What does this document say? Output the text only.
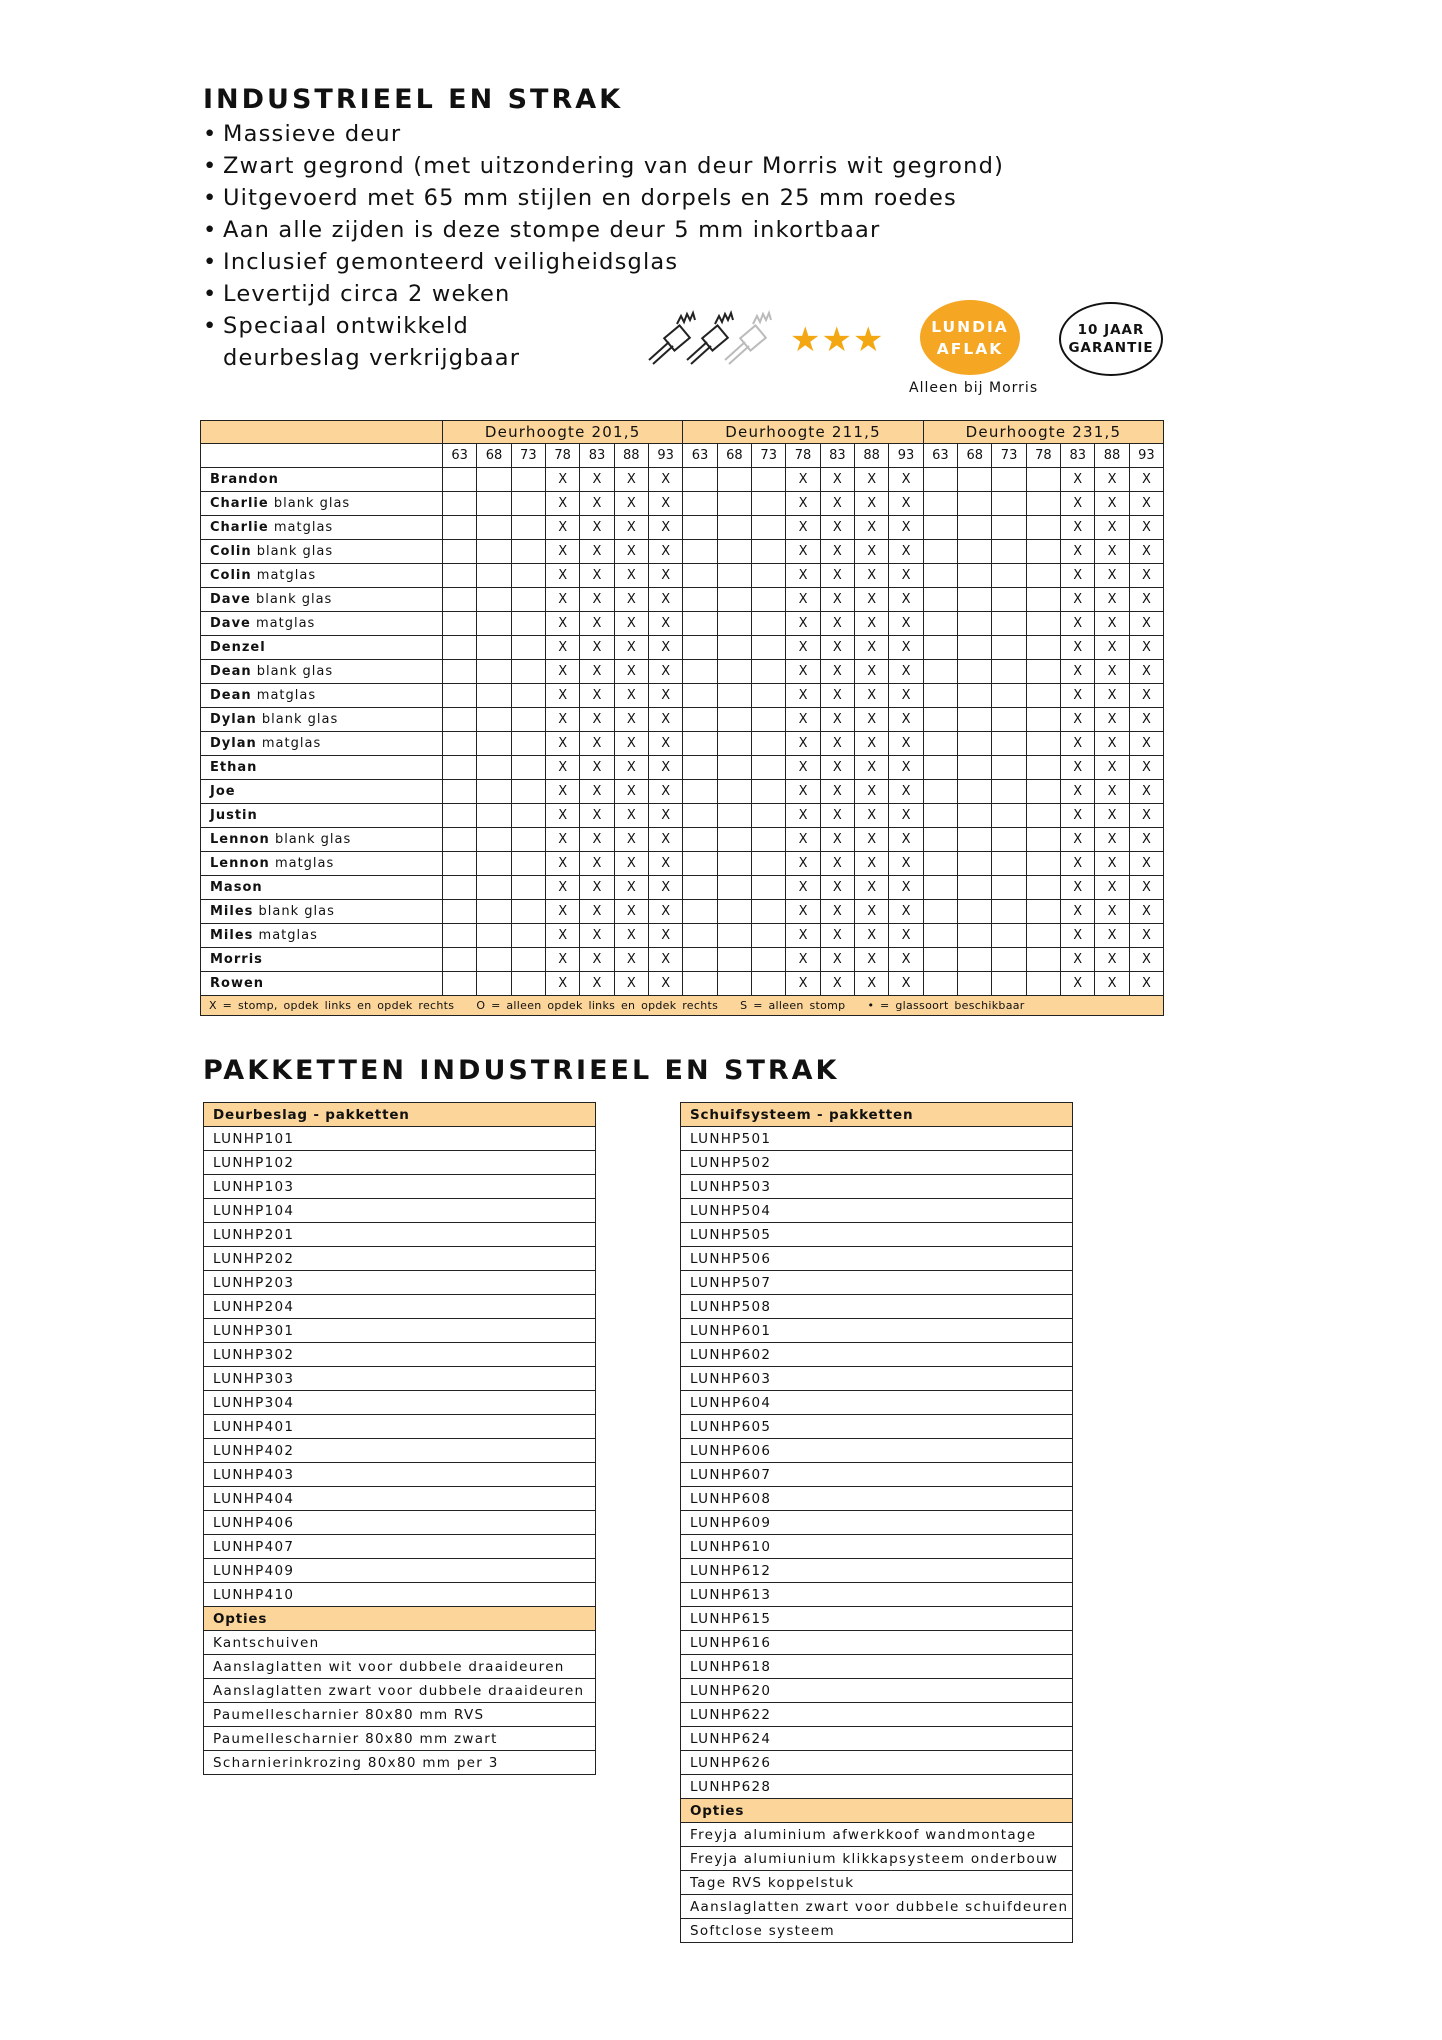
INDUSTRIEEL EN STRAK
• Massieve deur
• Zwart gegrond (met uitzondering van deur Morris wit gegrond)
• Uitgevoerd met 65 mm stijlen en dorpels en 25 mm roedes
• Aan alle zijden is deze stompe deur 5 mm inkortbaar
• Inclusief gemonteerd veiligheidsglas
• Levertijd circa 2 weken
• Speciaal ontwikkeld
deurbeslag verkrijgbaar	★★★	LUNDIA
AFLAK
Alleen bij Morris
10 JAAR
GARANTIE
	Deurhoogte 201,5							Deurhoogte 211,5							Deurhoogte 231,5						
	63	68	73	78	83	88	93	63	68	73	78	83	88	93	63	68	73	78	83	88	93
Brandon				X	X	X	X				X	X	X	X					X	X	X
Charlie blank glas				X	X	X	X				X	X	X	X					X	X	X
Charlie matglas				X	X	X	X				X	X	X	X					X	X	X
Colin blank glas				X	X	X	X				X	X	X	X					X	X	X
Colin matglas				X	X	X	X				X	X	X	X					X	X	X
Dave blank glas				X	X	X	X				X	X	X	X					X	X	X
Dave matglas				X	X	X	X				X	X	X	X					X	X	X
Denzel				X	X	X	X				X	X	X	X					X	X	X
Dean blank glas				X	X	X	X				X	X	X	X					X	X	X
Dean matglas				X	X	X	X				X	X	X	X					X	X	X
Dylan blank glas				X	X	X	X				X	X	X	X					X	X	X
Dylan matglas				X	X	X	X				X	X	X	X					X	X	X
Ethan				X	X	X	X				X	X	X	X					X	X	X
Joe				X	X	X	X				X	X	X	X					X	X	X
Justin				X	X	X	X				X	X	X	X					X	X	X
Lennon blank glas				X	X	X	X				X	X	X	X					X	X	X
Lennon matglas				X	X	X	X				X	X	X	X					X	X	X
Mason				X	X	X	X				X	X	X	X					X	X	X
Miles blank glas				X	X	X	X				X	X	X	X					X	X	X
Miles matglas				X	X	X	X				X	X	X	X					X	X	X
Morris				X	X	X	X				X	X	X	X					X	X	X
Rowen				X	X	X	X				X	X	X	X					X	X	X
X = stomp, opdek links en opdek rechts O = alleen opdek links en opdek rechts S = alleen stomp • = glassoort beschikbaar																					
PAKKETTEN INDUSTRIEEL EN STRAK
Deurbeslag - pakketten
LUNHP101
LUNHP102
LUNHP103
LUNHP104
LUNHP201
LUNHP202
LUNHP203
LUNHP204
LUNHP301
LUNHP302
LUNHP303
LUNHP304
LUNHP401
LUNHP402
LUNHP403
LUNHP404
LUNHP406
LUNHP407
LUNHP409
LUNHP410
Opties
Kantschuiven
Aanslaglatten wit voor dubbele draaideuren
Aanslaglatten zwart voor dubbele draaideuren
Paumellescharnier 80x80 mm RVS
Paumellescharnier 80x80 mm zwart
Scharnierinkrozing 80x80 mm per 3
Schuifsysteem - pakketten
LUNHP501
LUNHP502
LUNHP503
LUNHP504
LUNHP505
LUNHP506
LUNHP507
LUNHP508
LUNHP601
LUNHP602
LUNHP603
LUNHP604
LUNHP605
LUNHP606
LUNHP607
LUNHP608
LUNHP609
LUNHP610
LUNHP612
LUNHP613
LUNHP615
LUNHP616
LUNHP618
LUNHP620
LUNHP622
LUNHP624
LUNHP626
LUNHP628
Opties
Freyja aluminium afwerkkoof wandmontage
Freyja alumiunium klikkapsysteem onderbouw
Tage RVS koppelstuk
Aanslaglatten zwart voor dubbele schuifdeuren
Softclose systeem
